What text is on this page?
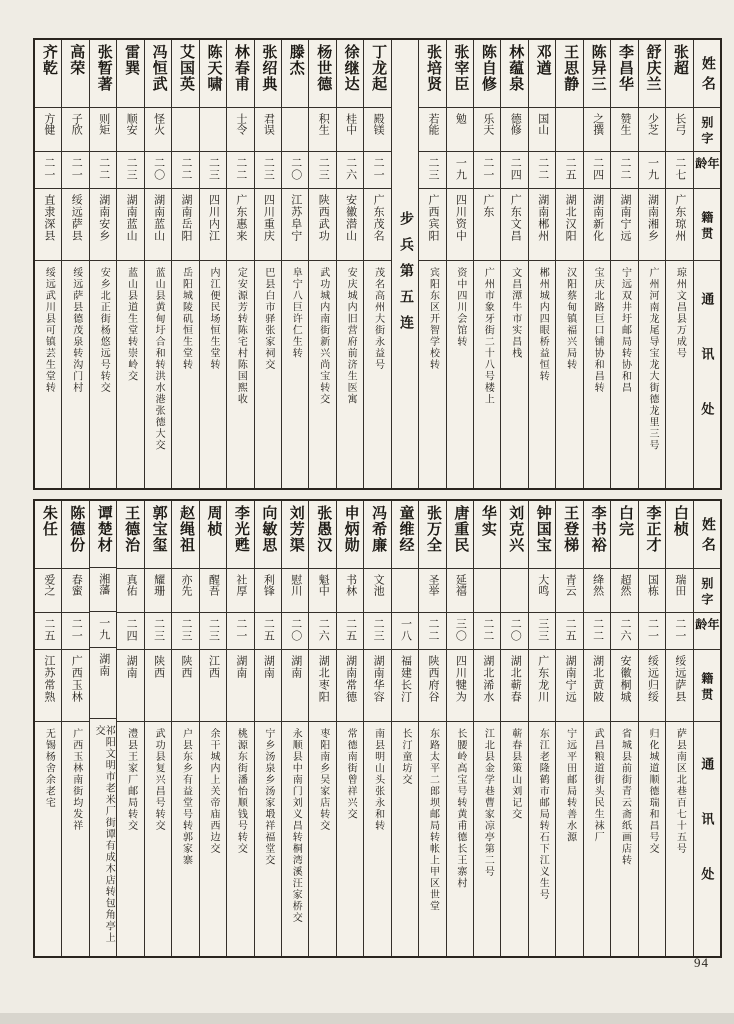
齐乾
方健
二一
直隶深县
绥远武川县可镇芸生堂转
高荣
子欣
二一
绥远萨县
绥远萨县德茂泉转沟门村
张暂著
则矩
二二
湖南安乡
安乡北正街杨悠远号转交
雷巽
顺安
二三
湖南蓝山
蓝山县道生堂转崇岭交
冯恒武
怪火
二〇
湖南蓝山
蓝山县黄甸圩合和转洪水港张德大交
艾国英
二二
湖南岳阳
岳阳城陵矶恒生堂转
陈天啸
二三
四川内江
内江便民场恒生堂转
林春甫
士令
二二
广东惠来
定安源芳转陈宅村陈国熙收
张绍典
君误
二三
四川重庆
巴县白市驿张家祠交
滕杰
二〇
江苏阜宁
阜宁八巨许仁生转
杨世德
积生
二三
陕西武功
武功城内南街新兴尚宝转交
徐继达
桂中
二六
安徽潜山
安庆城内旧营府前济生医寓
丁龙起
殿镁
二一
广东茂名
茂名高州大街永益号 步兵第五连
张培贤
若能
二三
广西宾阳
宾阳东区开智学校转
张宰臣
勉
一九
四川资中
资中四川会馆转
陈自修
乐天
二一
广东
广州市象牙街二十八号楼上
林蕴泉
德修
二四
广东文昌
文昌潭牛市实昌栈
邓遒
国山
二二
湖南郴州
郴州城内四眼桥益恒转
王思静
二五
湖北汉阳
汉阳蔡甸镇福兴局转
陈异三
之撰
二四
湖南新化
宝庆北路巨口铺协和昌转
李昌华
赞生
二二
湖南宁远
宁远双井圩邮局转协和昌
舒庆兰
少芝
一九
湖南湘乡
广州河南龙尾导宝龙大街德龙里三号
张超
长弓
二七
广东琼州
琼州文昌县万成号
姓名
别字
年龄
籍贯
通讯处
朱任
爱之
二五
江苏常熟
无锡杨舍余老宅
陈德份
春蜜
二一
广西玉林
广西玉林南街均发祥
谭楚材
湘藩
一九
湖南
祁阳文明市老米厂街谭有成木店转包角亭上交
王德治
真佑
二四
湖南
澧县王家厂邮局转交
郭宝玺
耀珊
二三
陕西
武功县复兴昌号转交
赵绳祖
亦先
二三
陕西
户县东乡有益堂号转郭家寨
周桢
醒吾
二三
江西
余干城内上关帝庙西边交
李光甦
社厚
二一
湖南
桃源东街潘怡顺钱号转交
向敏思
利锋
二五
湖南
宁乡汤泉乡汤家塅祥福堂交
刘芳渠
慰川
二〇
湖南
永顺县中南门刘义昌转桐湾溪汪家桥交
张愚汉
魁中
二六
湖北枣阳
枣阳南乡吴家店转交
申炳勋
书林
二五
湖南常德
常德南街曾祥兴交
冯希廉
文池
二三
湖南华容
南县明山头张永和转
童维经
一八
福建长汀
长汀童坊交
张万全
圣举
二二
陕西府谷
东路太平二郎坝邮局转帐上甲区世堂
唐重民
延禧
三〇
四川犍为
长腰岭高宝号转黄甫德长王寨村
华实
二二
湖北浠水
江北县金学巷曹家凉亭第二号
刘克兴
二〇
湖北蕲春
蕲春县策山刘记交
钟国宝
大鸣
三三
广东龙川
东江老隆鹤市邮局转石下江义生号
王登梯
青云
二五
湖南宁远
宁远平田邮局转善水源
李书裕
绛然
二二
湖北黄陂
武昌粮道街头民生袜厂
白完
超然
二六
安徽桐城
省城县前街青云斋纸画店转
李正才
国栋
二一
绥远归绥
归化城道顺德瑞和昌号交
白桢
瑞田
二一
绥远萨县
萨县南区北巷百七十五号
姓名
别字
年龄
籍贯
通讯处
94
